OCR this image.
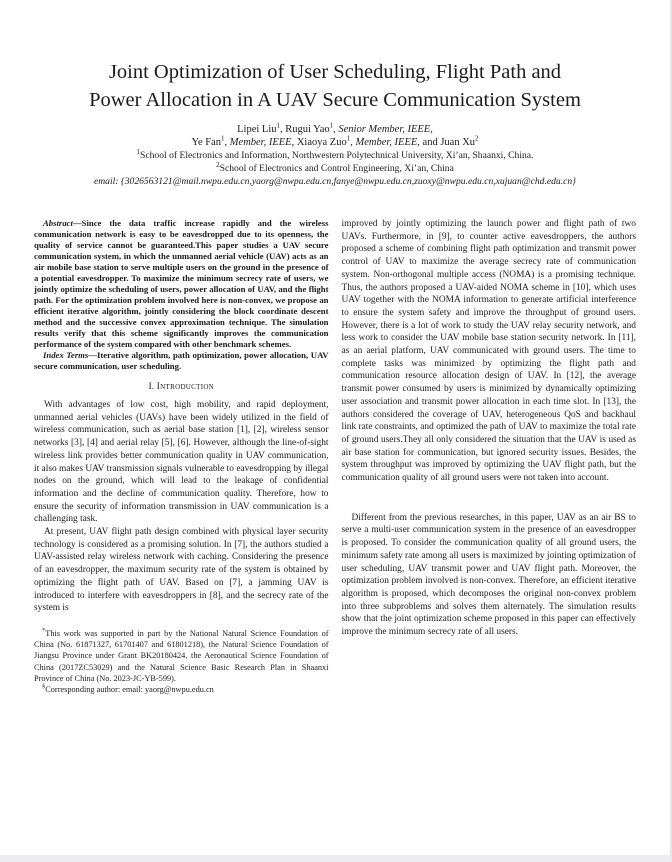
Joint Optimization of User Scheduling, Flight Path and
Power Allocation in A UAV Secure Communication System
Lipei Liu$^1$, Rugui Yao$^1$, Senior Member, IEEE,
Ye Fan$^1$, Member, IEEE, Xiaoya Zuo$^1$, Member, IEEE, and Juan Xu$^2$
$^1$School of Electronics and Information, Northwestern Polytechnical University, Xi’an, Shaanxi, China.
$^2$School of Electronics and Control Engineering, Xi’an, China
email: {3026563121@mail.nwpu.edu.cn,yaorg@nwpu.edu.cn,fanye@nwpu.edu.cn,zuoxy@nwpu.edu.cn,xujuan@chd.edu.cn}

Abstract—Since the data traffic increase rapidly and the wireless communication network is easy to be eavesdropped due to its openness, the quality of service cannot be guaranteed.This paper studies a UAV secure communication system, in which the unmanned aerial vehicle (UAV) acts as an air mobile base station to serve multiple users on the ground in the presence of a potential eavesdropper. To maximize the minimum secrecy rate of users, we jointly optimize the scheduling of users, power allocation of UAV, and the flight path. For the optimization problem involved here is non-convex, we propose an efficient iterative algorithm, jointly considering the block coordinate descent method and the successive convex approximation technique. The simulation results verify that this scheme significantly improves the communication performance of the system compared with other benchmark schemes.

Index Terms—Iterative algorithm, path optimization, power allocation, UAV secure communication, user scheduling.

I. Introduction

With advantages of low cost, high mobility, and rapid deployment, unmanned aerial vehicles (UAVs) have been widely utilized in the field of wireless communication, such as aerial base station [1], [2], wireless sensor networks [3], [4] and aerial relay [5], [6]. However, although the line-of-sight wireless link provides better communication quality in UAV communication, it also makes UAV transmission signals vulnerable to eavesdropping by illegal nodes on the ground, which will lead to the leakage of confidential information and the decline of communication quality. Therefore, how to ensure the security of information transmission in UAV communication is a challenging task.

At present, UAV flight path design combined with physical layer security technology is considered as a promising solution. In [7], the authors studied a UAV-assisted relay wireless network with caching. Considering the presence of an eavesdropper, the maximum security rate of the system is obtained by optimizing the flight path of UAV. Based on [7], a jamming UAV is introduced to interfere with eavesdroppers in [8], and the secrecy rate of the system is

*This work was supported in part by the National Natural Science Foundation of China (No. 61871327, 61701407 and 61801218), the Natural Science Foundation of Jiangsu Province under Grant BK20180424, the Aeronautical Science Foundation of China (2017ZC53029) and the Natural Science Basic Research Plan in Shaanxi Province of China (No. 2023-JC-YB-599).

§Corresponding author: email: yaorg@nwpu.edu.cn

improved by jointly optimizing the launch power and flight path of two UAVs. Furthermore, in [9], to counter active eavesdroppers, the authors proposed a scheme of combining flight path optimization and transmit power control of UAV to maximize the average secrecy rate of communication system. Non-orthogonal multiple access (NOMA) is a promising technique. Thus, the authors proposed a UAV-aided NOMA scheme in [10], which uses UAV together with the NOMA information to generate artificial interference to ensure the system safety and improve the throughput of ground users. However, there is a lot of work to study the UAV relay security network, and less work to consider the UAV mobile base station security network. In [11], as an aerial platform, UAV communicated with ground users. The time to complete tasks was minimized by optimizing the flight path and communication resource allocation design of UAV. In [12], the average transmit power consumed by users is minimized by dynamically optimizing user association and transmit power allocation in each time slot. In [13], the authors considered the coverage of UAV, heterogeneous QoS and backhaul link rate constraints, and optimized the path of UAV to maximize the total rate of ground users.They all only considered the situation that the UAV is used as air base station for communication, but ignored security issues. Besides, the system throughput was improved by optimizing the UAV flight path, but the communication quality of all ground users were not taken into account.

Different from the previous researches, in this paper, UAV as an air BS to serve a multi-user communication system in the presence of an eavesdropper is proposed. To consider the communication quality of all ground users, the minimum safety rate among all users is maximized by jointing optimization of user scheduling, UAV transmit power and UAV flight path. Moreover, the optimization problem involved is non-convex. Therefore, an efficient iterative algorithm is proposed, which decomposes the original non-convex problem into three subproblems and solves them alternately. The simulation results show that the joint optimization scheme proposed in this paper can effectively improve the minimum secrecy rate of all users.
